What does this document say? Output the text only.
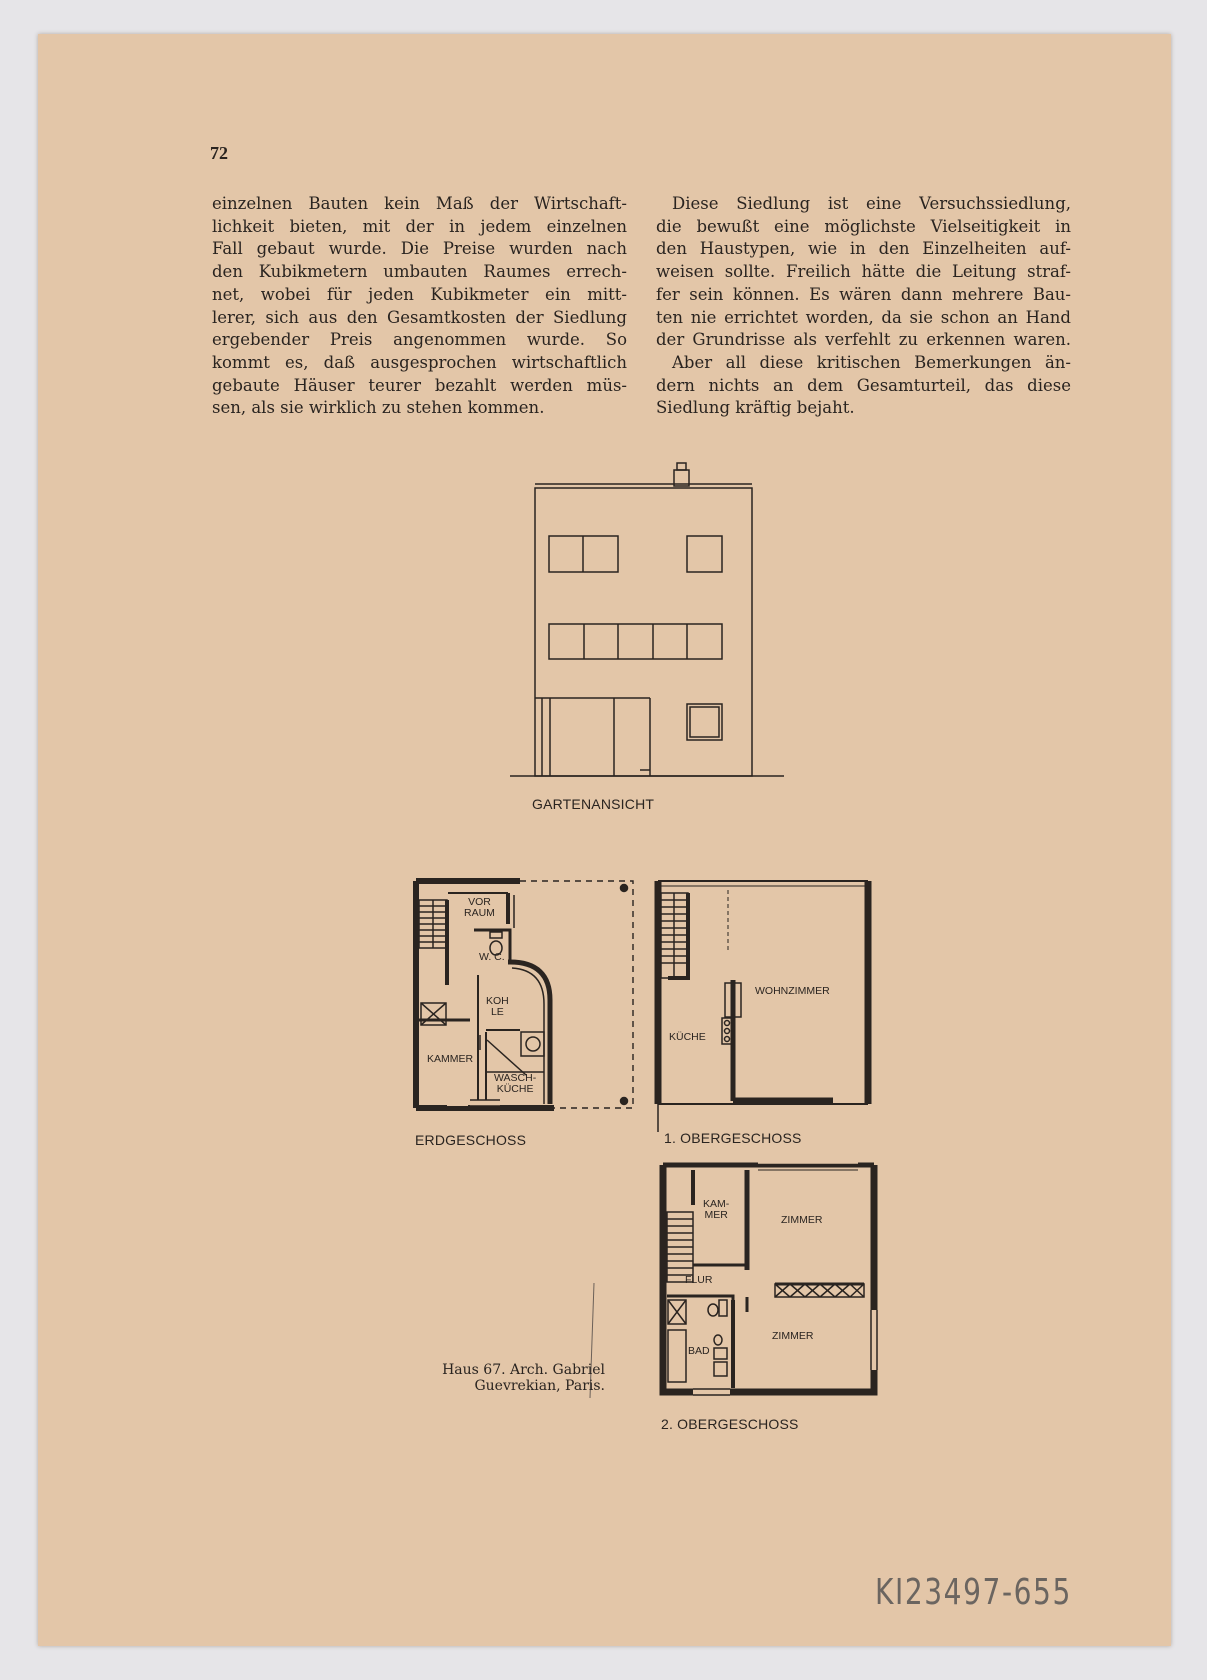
72
einzelnen Bauten kein Maß der Wirtschaft-
lichkeit bieten, mit der in jedem einzelnen
Fall gebaut wurde. Die Preise wurden nach
den Kubikmetern umbauten Raumes errech-
net, wobei für jeden Kubikmeter ein mitt-
lerer, sich aus den Gesamtkosten der Siedlung
ergebender Preis angenommen wurde. So
kommt es, daß ausgesprochen wirtschaftlich
gebaute Häuser teurer bezahlt werden müs-
sen, als sie wirklich zu stehen kommen.
Diese Siedlung ist eine Versuchssiedlung,
die bewußt eine möglichste Vielseitigkeit in
den Haustypen, wie in den Einzelheiten auf-
weisen sollte. Freilich hätte die Leitung straf-
fer sein können. Es wären dann mehrere Bau-
ten nie errichtet worden, da sie schon an Hand
der Grundrisse als verfehlt zu erkennen waren.
Aber all diese kritischen Bemerkungen än-
dern nichts an dem Gesamturteil, das diese
Siedlung kräftig bejaht.
GARTENANSICHT
ERDGESCHOSS	1. OBERGESCHOSS
2. OBERGESCHOSS
VOR
RAUM
W. C.
KOH
LE
KAMMER
WASCH-
KÜCHE
WOHNZIMMER
KÜCHE
KAM-
MER	ZIMMER
FLUR
ZIMMER
BAD
Haus 67. Arch. Gabriel
Guevrekian, Paris.
KI23497-655
